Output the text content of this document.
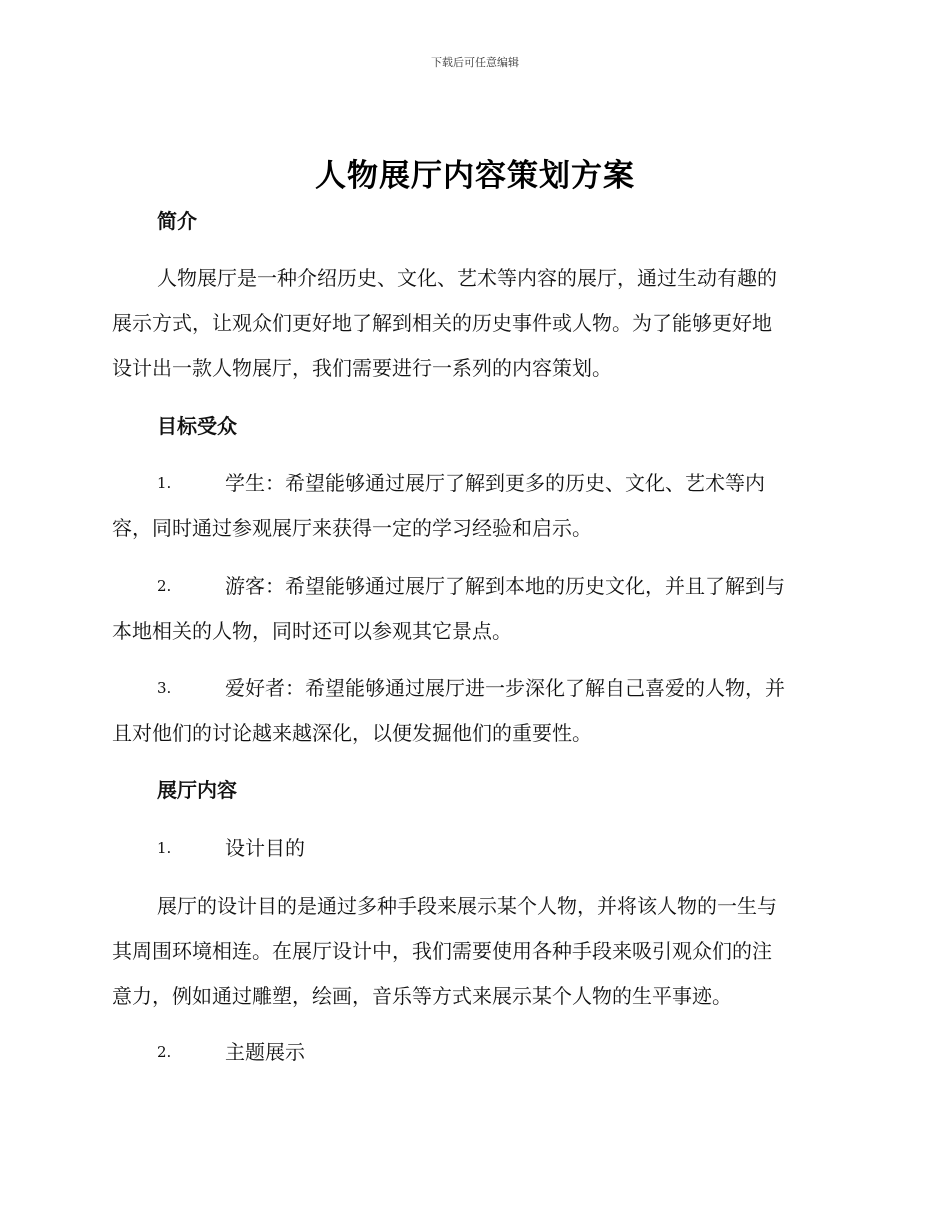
下载后可任意编辑
人物展厅内容策划方案
简介
人物展厅是一种介绍历史、文化、艺术等内容的展厅，通过生动有趣的
展示方式，让观众们更好地了解到相关的历史事件或人物。为了能够更好地
设计出一款人物展厅，我们需要进行一系列的内容策划。
目标受众
1.	学生：希望能够通过展厅了解到更多的历史、文化、艺术等内
容，同时通过参观展厅来获得一定的学习经验和启示。
2.	游客：希望能够通过展厅了解到本地的历史文化，并且了解到与
本地相关的人物，同时还可以参观其它景点。
3.	爱好者：希望能够通过展厅进一步深化了解自己喜爱的人物，并
且对他们的讨论越来越深化，以便发掘他们的重要性。
展厅内容
1.	设计目的
展厅的设计目的是通过多种手段来展示某个人物，并将该人物的一生与
其周围环境相连。在展厅设计中，我们需要使用各种手段来吸引观众们的注
意力，例如通过雕塑，绘画，音乐等方式来展示某个人物的生平事迹。
2.	主题展示
